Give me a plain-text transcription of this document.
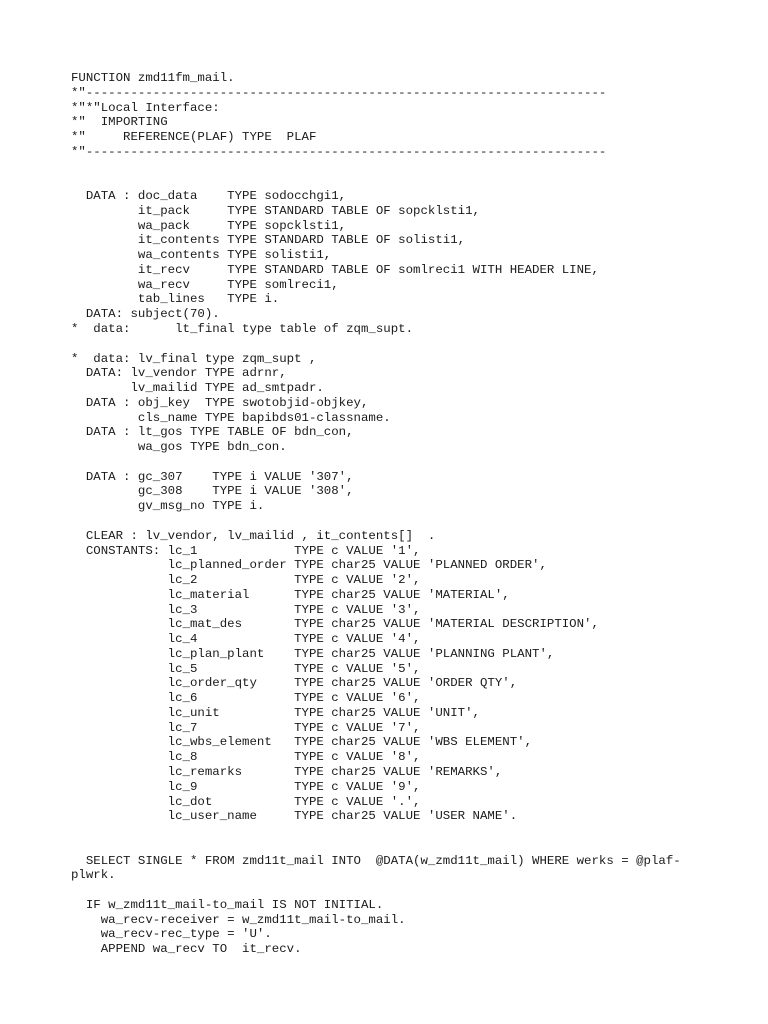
FUNCTION zmd11fm_mail.
*"----------------------------------------------------------------------
*"*"Local Interface:
*"  IMPORTING
*"     REFERENCE(PLAF) TYPE  PLAF
*"----------------------------------------------------------------------
DATA : doc_data    TYPE sodocchgi1,
it_pack     TYPE STANDARD TABLE OF sopcklsti1,
wa_pack     TYPE sopcklsti1,
it_contents TYPE STANDARD TABLE OF solisti1,
wa_contents TYPE solisti1,
it_recv     TYPE STANDARD TABLE OF somlreci1 WITH HEADER LINE,
wa_recv     TYPE somlreci1,
tab_lines   TYPE i.
DATA: subject(70).
*  data:      lt_final type table of zqm_supt.
*  data: lv_final type zqm_supt ,
DATA: lv_vendor TYPE adrnr,
lv_mailid TYPE ad_smtpadr.
DATA : obj_key  TYPE swotobjid-objkey,
cls_name TYPE bapibds01-classname.
DATA : lt_gos TYPE TABLE OF bdn_con,
wa_gos TYPE bdn_con.
DATA : gc_307    TYPE i VALUE '307',
gc_308    TYPE i VALUE '308',
gv_msg_no TYPE i.
CLEAR : lv_vendor, lv_mailid , it_contents[]  .
CONSTANTS: lc_1             TYPE c VALUE '1',
lc_planned_order TYPE char25 VALUE 'PLANNED ORDER',
lc_2             TYPE c VALUE '2',
lc_material      TYPE char25 VALUE 'MATERIAL',
lc_3             TYPE c VALUE '3',
lc_mat_des       TYPE char25 VALUE 'MATERIAL DESCRIPTION',
lc_4             TYPE c VALUE '4',
lc_plan_plant    TYPE char25 VALUE 'PLANNING PLANT',
lc_5             TYPE c VALUE '5',
lc_order_qty     TYPE char25 VALUE 'ORDER QTY',
lc_6             TYPE c VALUE '6',
lc_unit          TYPE char25 VALUE 'UNIT',
lc_7             TYPE c VALUE '7',
lc_wbs_element   TYPE char25 VALUE 'WBS ELEMENT',
lc_8             TYPE c VALUE '8',
lc_remarks       TYPE char25 VALUE 'REMARKS',
lc_9             TYPE c VALUE '9',
lc_dot           TYPE c VALUE '.',
lc_user_name     TYPE char25 VALUE 'USER NAME'.
SELECT SINGLE * FROM zmd11t_mail INTO  @DATA(w_zmd11t_mail) WHERE werks = @plaf-
plwrk.
IF w_zmd11t_mail-to_mail IS NOT INITIAL.
wa_recv-receiver = w_zmd11t_mail-to_mail.
wa_recv-rec_type = 'U'.
APPEND wa_recv TO  it_recv.
